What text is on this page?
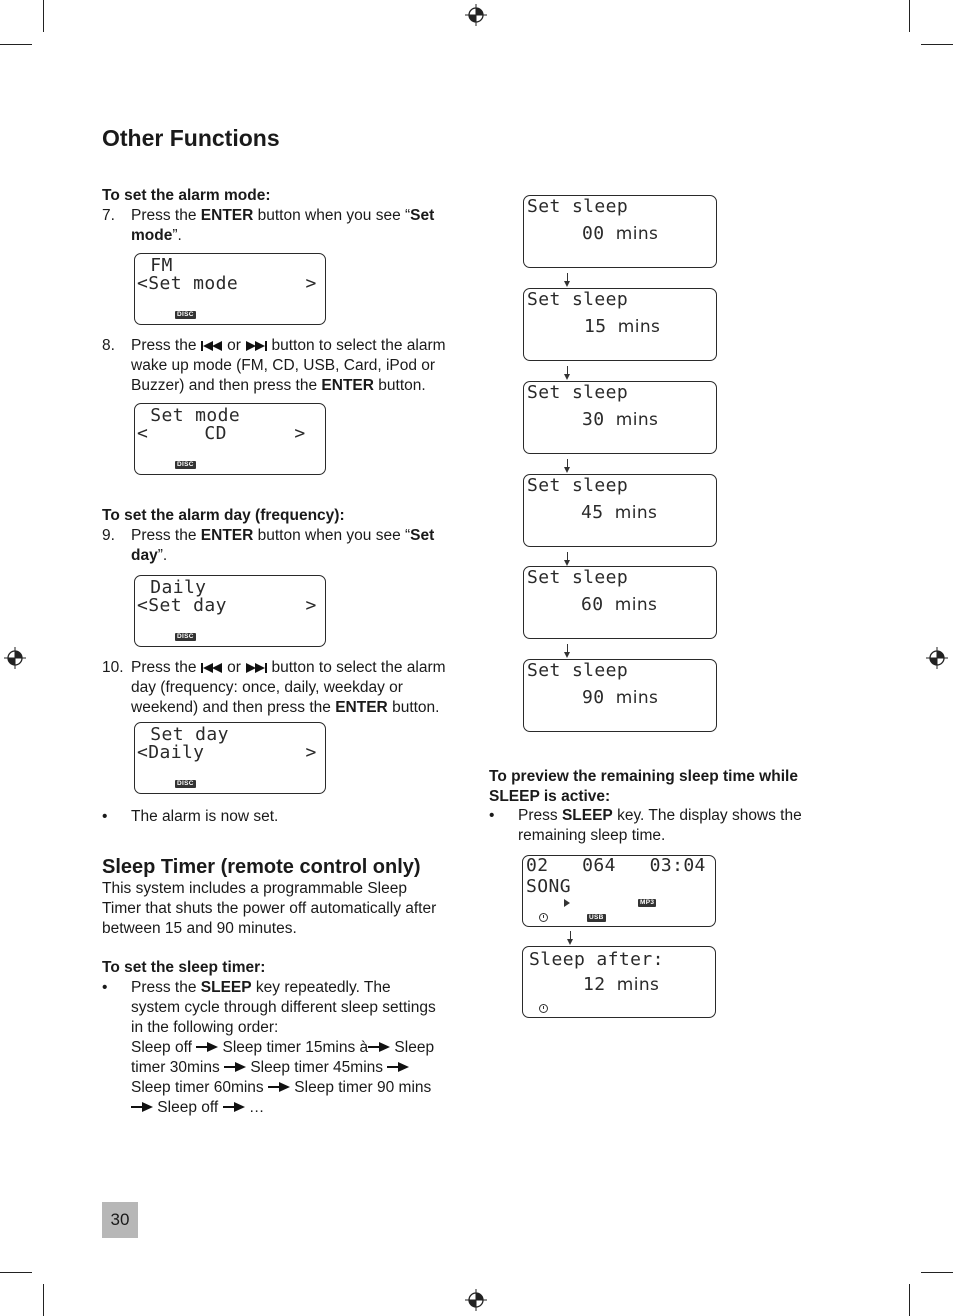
Other Functions
To set the alarm mode:
7. Press the ENTER button when you see “Set mode”.
FM
<Set mode      >
DISC
8. Press the  or  button to select the alarm
wake up mode (FM, CD, USB, Card, iPod or
Buzzer) and then press the ENTER button.
Set mode
<     CD      >
DISC
To set the alarm day (frequency):
9. Press the ENTER button when you see “Set day”.
Daily
<Set day       >
DISC
10. Press the  or  button to select the alarm
day (frequency: once, daily, weekday or
weekend) and then press the ENTER button.
Set day
<Daily         >
DISC
• The alarm is now set.
Sleep Timer (remote control only)
This system includes a programmable Sleep
Timer that shuts the power off automatically after
between 15 and 90 minutes.
To set the sleep timer:
• Press the SLEEP key repeatedly. The
system cycle through different sleep settings
in the following order:
Sleep off  Sleep timer 15mins à Sleep
timer 30mins  Sleep timer 45mins
Sleep timer 60mins  Sleep timer 90 mins
Sleep off  …
Set sleep
00 mins
Set sleep
15 mins
Set sleep
30 mins
Set sleep
45 mins
Set sleep
60 mins
Set sleep
90 mins
To preview the remaining sleep time while
SLEEP is active:
• Press SLEEP key. The display shows the
remaining sleep time.
02   064   03:04
SONG
MP3
USB
Sleep after:
12 mins
30
